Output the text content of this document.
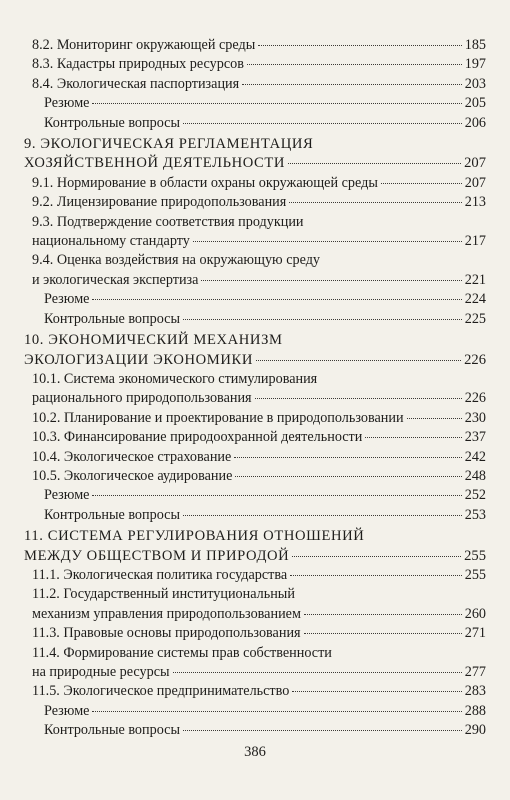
8.2. Мониторинг окружающей среды	185
8.3. Кадастры природных ресурсов	197
8.4. Экологическая паспортизация	203
Резюме	205
Контрольные вопросы	206
9. ЭКОЛОГИЧЕСКАЯ РЕГЛАМЕНТАЦИЯ
ХОЗЯЙСТВЕННОЙ ДЕЯТЕЛЬНОСТИ	207
9.1. Нормирование в области охраны окружающей среды	207
9.2. Лицензирование природопользования	213
9.3. Подтверждение соответствия продукции
национальному стандарту	217
9.4. Оценка воздействия на окружающую среду
и экологическая экспертиза	221
Резюме	224
Контрольные вопросы	225
10. ЭКОНОМИЧЕСКИЙ МЕХАНИЗМ
ЭКОЛОГИЗАЦИИ ЭКОНОМИКИ	226
10.1. Система экономического стимулирования
рационального природопользования	226
10.2. Планирование и проектирование в природопользовании	230
10.3. Финансирование природоохранной деятельности	237
10.4. Экологическое страхование	242
10.5. Экологическое аудирование	248
Резюме	252
Контрольные вопросы	253
11. СИСТЕМА РЕГУЛИРОВАНИЯ ОТНОШЕНИЙ
МЕЖДУ ОБЩЕСТВОМ И ПРИРОДОЙ	255
11.1. Экологическая политика государства	255
11.2. Государственный институциональный
механизм управления природопользованием	260
11.3. Правовые основы природопользования	271
11.4. Формирование системы прав собственности
на природные ресурсы	277
11.5. Экологическое предпринимательство	283
Резюме	288
Контрольные вопросы	290
386
